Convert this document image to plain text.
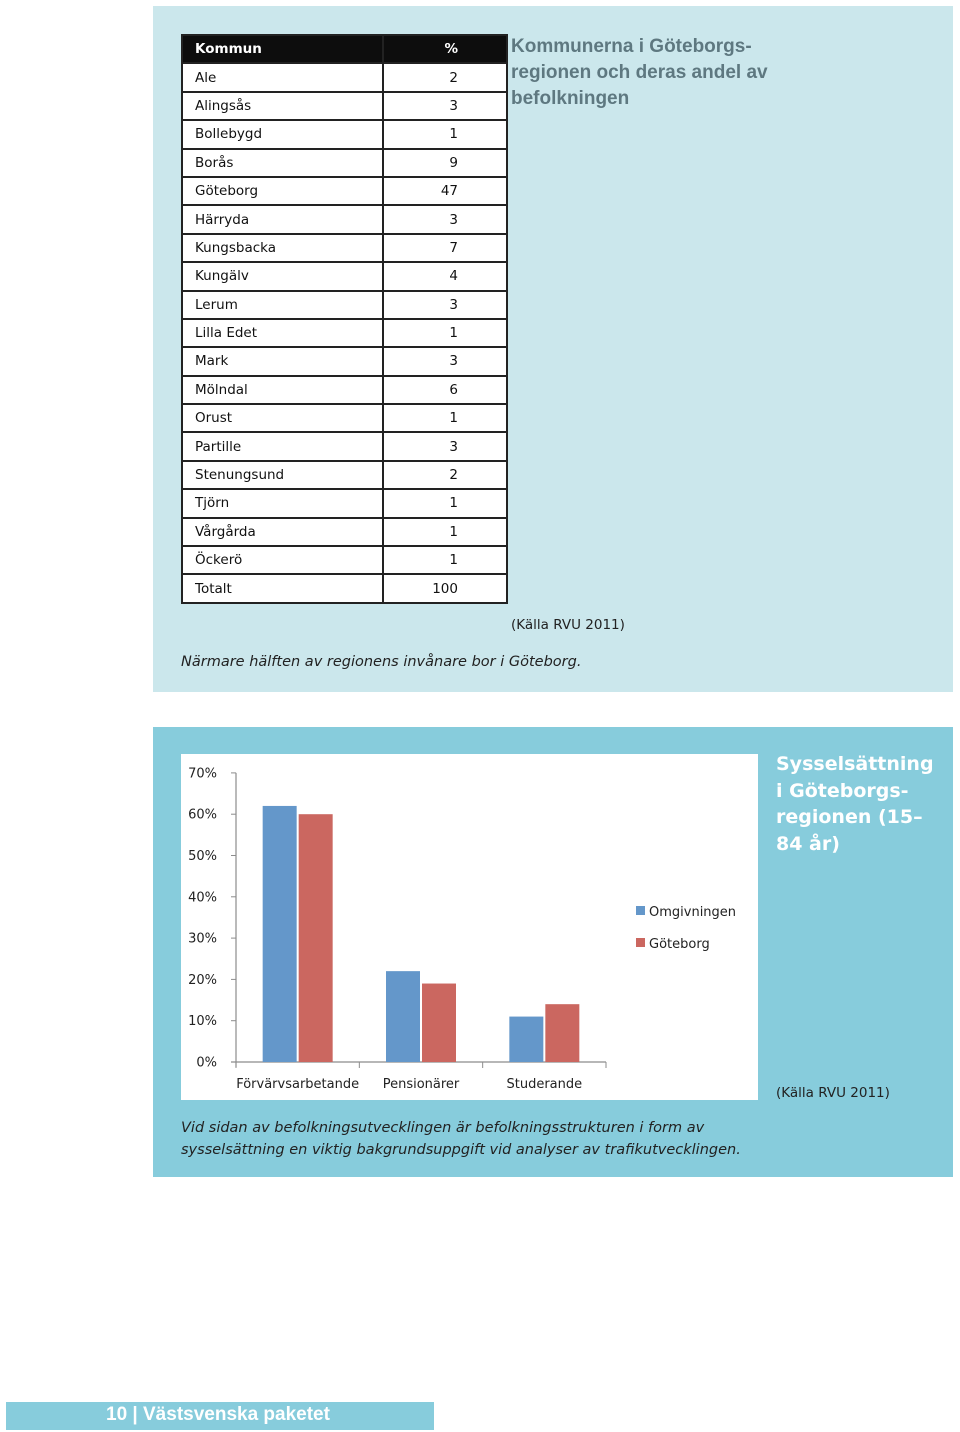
Kommun	%
Ale	2
Alingsås	3
Bollebygd	1
Borås	9
Göteborg	47
Härryda	3
Kungsbacka	7
Kungälv	4
Lerum	3
Lilla Edet	1
Mark	3
Mölndal	6
Orust	1
Partille	3
Stenungsund	2
Tjörn	1
Vårgårda	1
Öckerö	1
Totalt	100
Kommunerna i Göteborgs-regionen och deras andel av befolkningen
(Källa RVU 2011)
Närmare hälften av regionens invånare bor i Göteborg.
0%
10%
20%
30%
40%
50%
60%
70%
Förvärvsarbetande Pensionärer	Studerande
Omgivningen
Göteborg
Sysselsättning i Göteborgs-regionen (15–84 år)
(Källa RVU 2011)
Vid sidan av befolkningsutvecklingen är befolkningsstrukturen i form av sysselsättning en viktig bakgrundsuppgift vid analyser av trafikutvecklingen.
10 | Västsvenska paketet
